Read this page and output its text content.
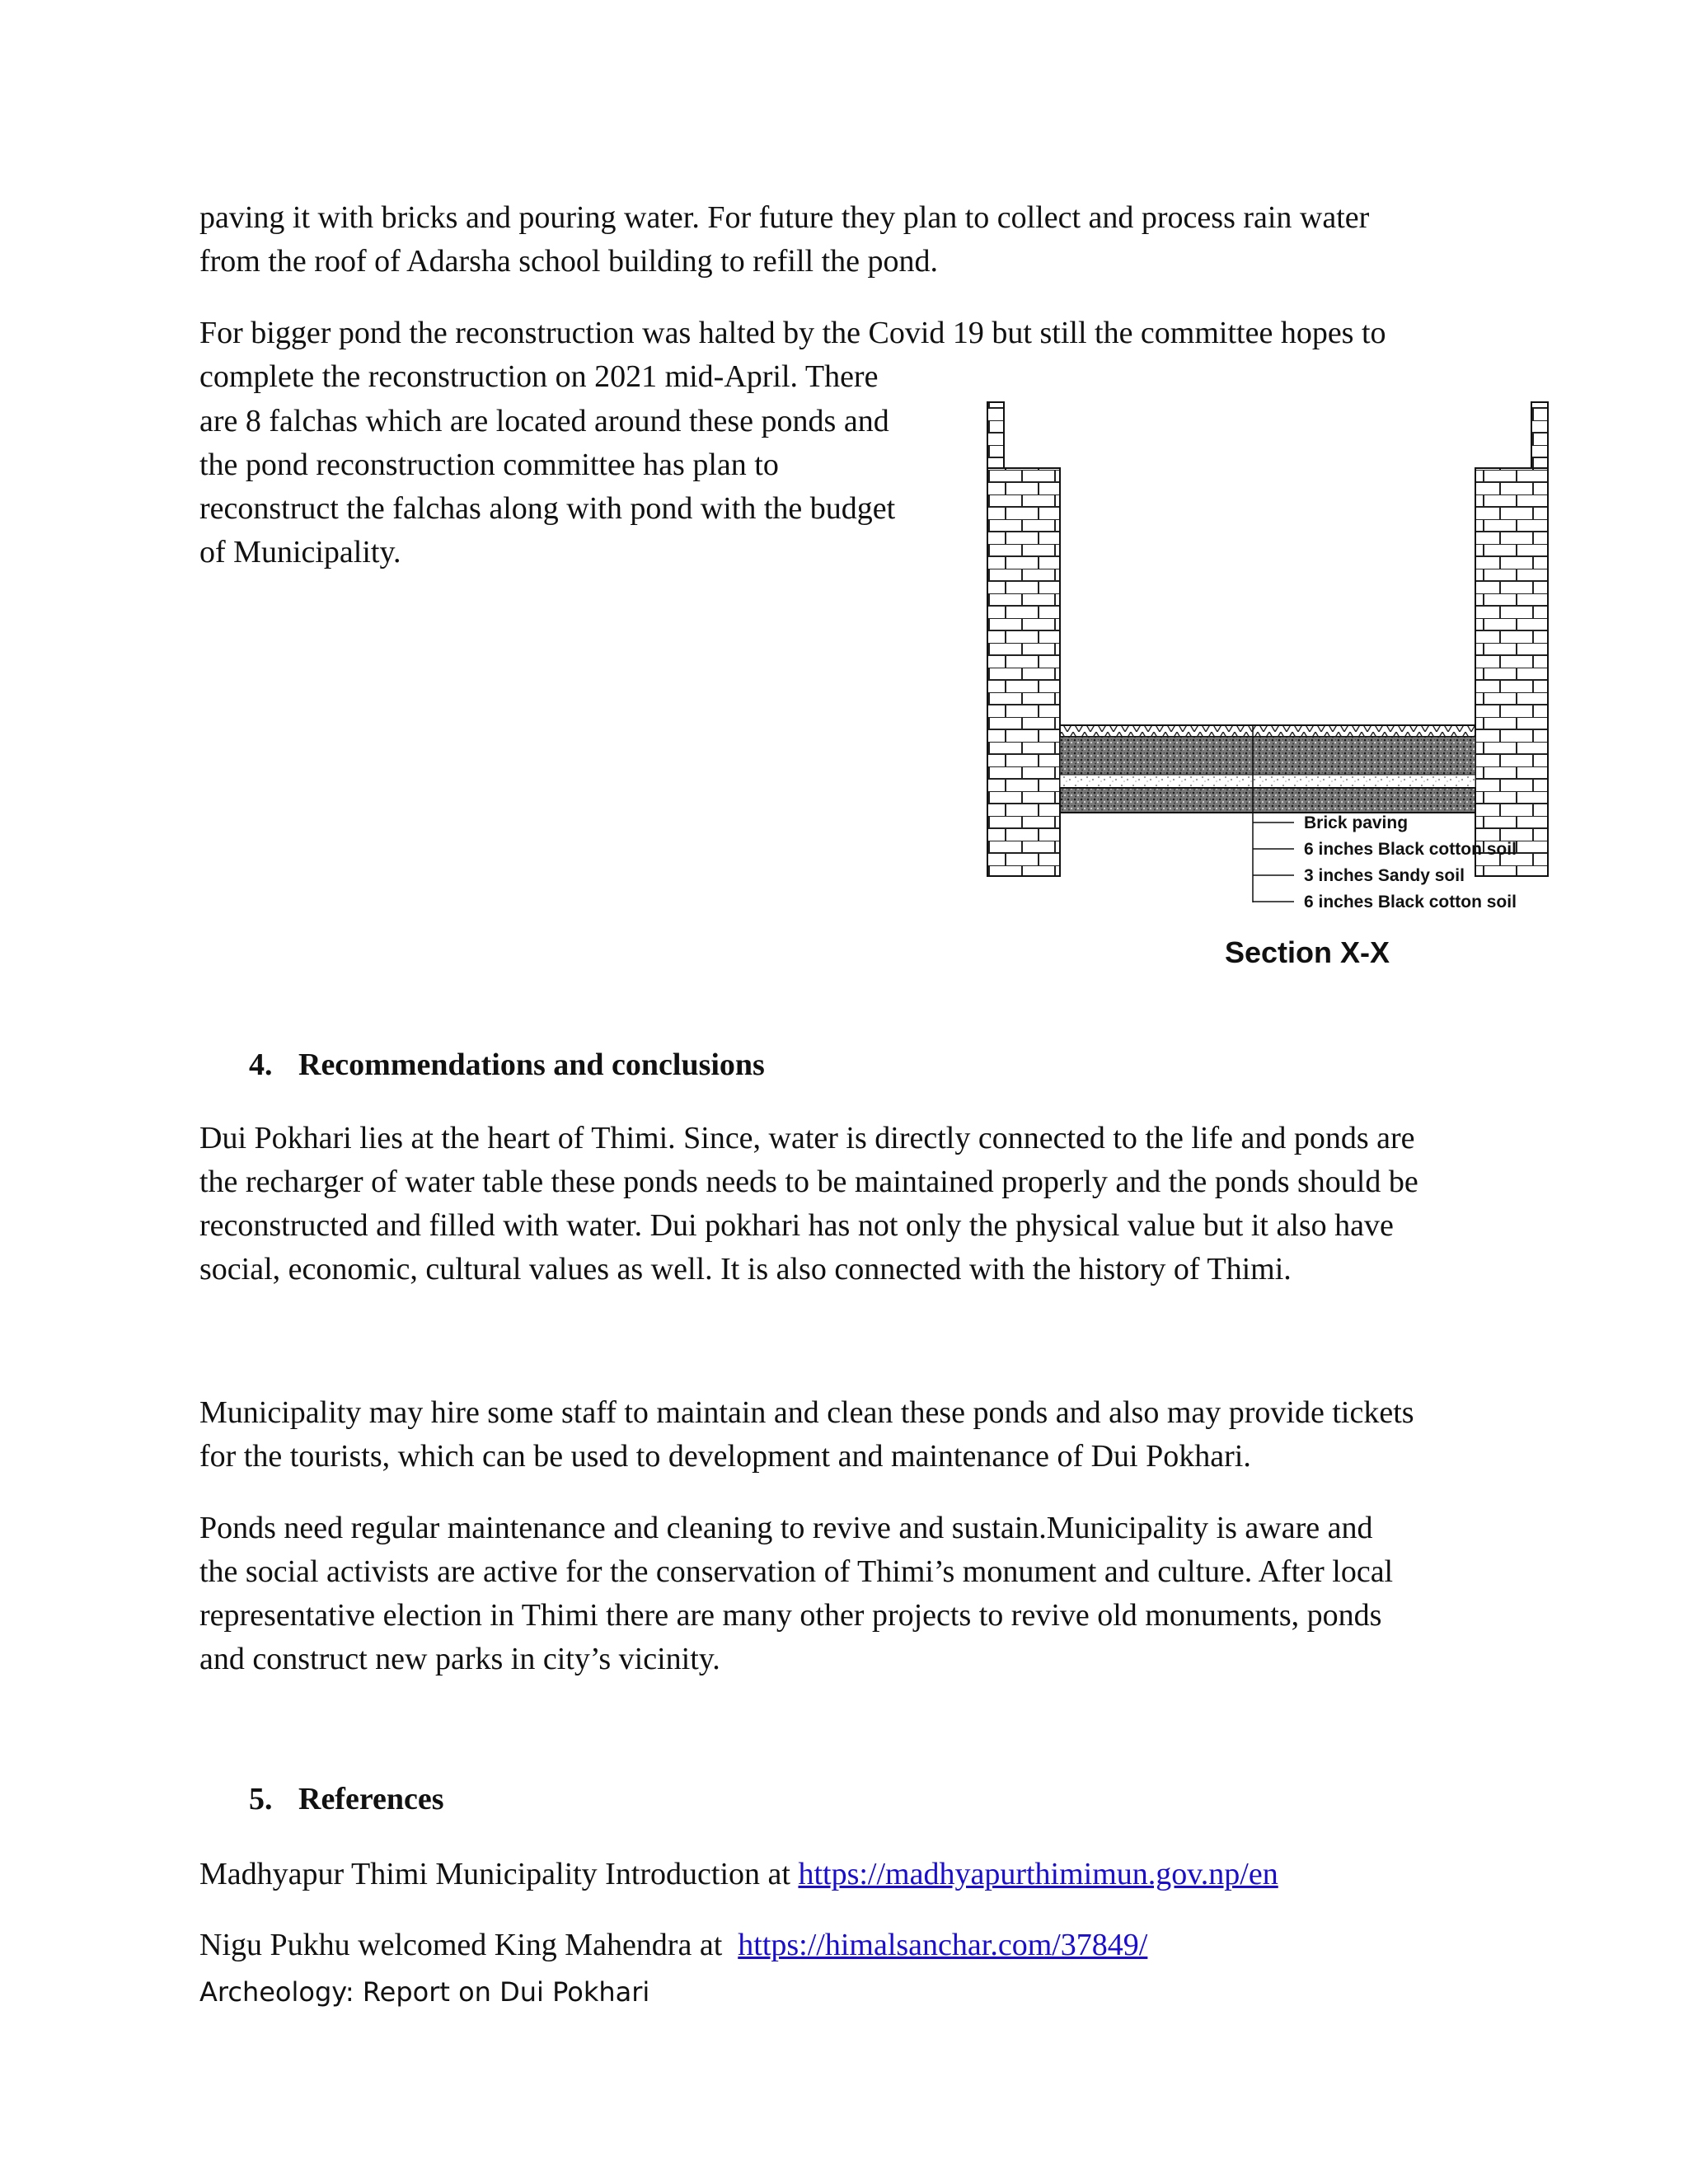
paving it with bricks and pouring water. For future they plan to collect and process rain water
from the roof of Adarsha school building to refill the pond.
For bigger pond the reconstruction was halted by the Covid 19 but still the committee hopes to
complete the reconstruction on 2021 mid-April. There
are 8 falchas which are located around these ponds and
the pond reconstruction committee has plan to
reconstruct the falchas along with pond with the budget
of Municipality.
Brick paving
6 inches Black cotton soil
3 inches Sandy soil
6 inches Black cotton soil
Section X-X
4. Recommendations and conclusions
Dui Pokhari lies at the heart of Thimi. Since, water is directly connected to the life and ponds are
the recharger of water table these ponds needs to be maintained properly and the ponds should be
reconstructed and filled with water. Dui pokhari has not only the physical value but it also have
social, economic, cultural values as well. It is also connected with the history of Thimi.
Municipality may hire some staff to maintain and clean these ponds and also may provide tickets
for the tourists, which can be used to development and maintenance of Dui Pokhari.
Ponds need regular maintenance and cleaning to revive and sustain.Municipality is aware and
the social activists are active for the conservation of Thimi’s monument and culture. After local
representative election in Thimi there are many other projects to revive old monuments, ponds
and construct new parks in city’s vicinity.
5. References
Madhyapur Thimi Municipality Introduction at https://madhyapurthimimun.gov.np/en
Nigu Pukhu welcomed King Mahendra at  https://himalsanchar.com/37849/
Archeology: Report on Dui Pokhari
